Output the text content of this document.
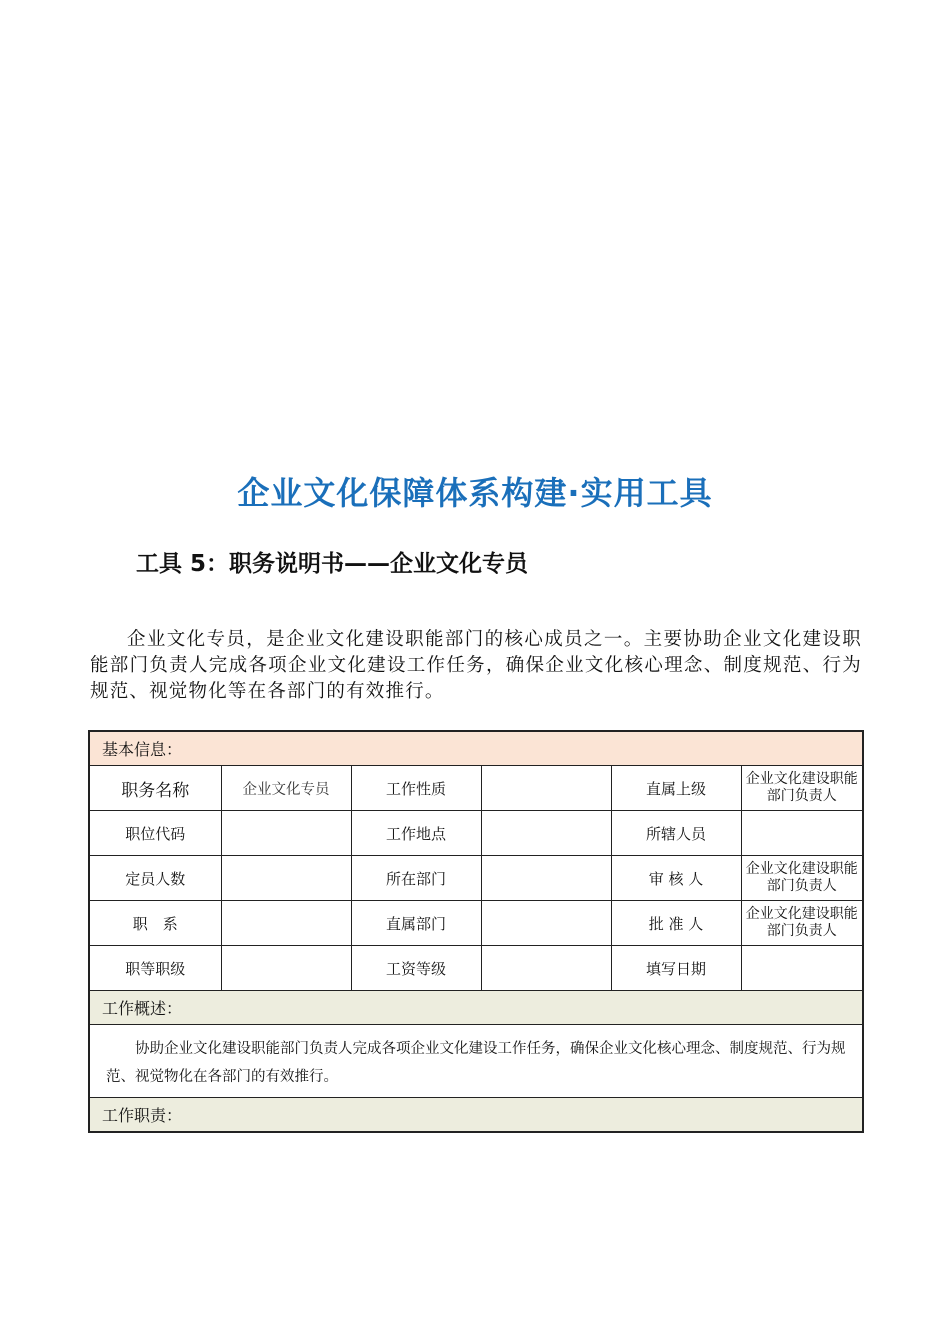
企业文化保障体系构建·实用工具
工具 5：职务说明书——企业文化专员
企业文化专员，是企业文化建设职能部门的核心成员之一。主要协助企业文化建设职能部门负责人完成各项企业文化建设工作任务，确保企业文化核心理念、制度规范、行为规范、视觉物化等在各部门的有效推行。
基本信息：					
职务名称	企业文化专员	工作性质		直属上级	企业文化建设职能部门负责人
职位代码		工作地点		所辖人员	
定员人数		所在部门		审 核 人	企业文化建设职能部门负责人
职　系		直属部门		批 准 人	企业文化建设职能部门负责人
职等职级		工资等级		填写日期	
工作概述：					

协助企业文化建设职能部门负责人完成各项企业文化建设工作任务，确保企业文化核心理念、制度规范、行为规范、视觉物化在各部门的有效推行。					

工作职责：					
